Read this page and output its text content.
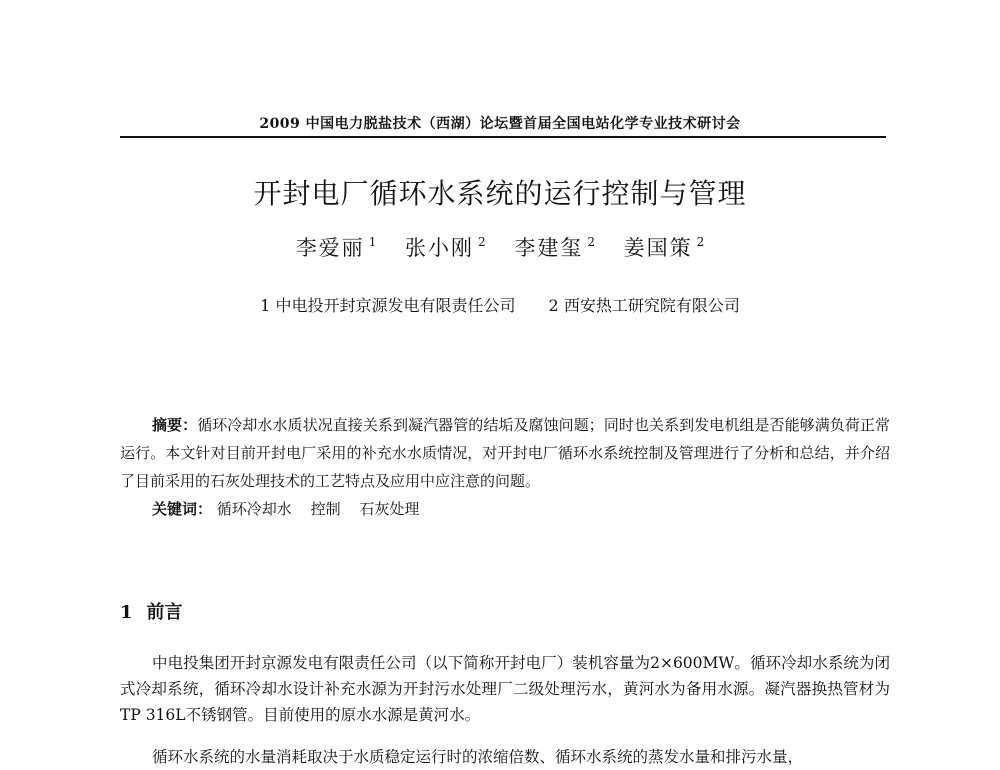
2009 中国电力脱盐技术（西湖）论坛暨首届全国电站化学专业技术研讨会
开封电厂循环水系统的运行控制与管理
李爱丽 $^1$ 张小刚 $^2$ 李建玺 $^2$ 姜国策 $^2$
1 中电投开封京源发电有限责任公司 2 西安热工研究院有限公司

摘要：循环冷却水水质状况直接关系到凝汽器管的结垢及腐蚀问题；同时也关系到发电机组是否能够满负荷正常运行。本文针对目前开封电厂采用的补充水水质情况，对开封电厂循环水系统控制及管理进行了分析和总结，并介绍了目前采用的石灰处理技术的工艺特点及应用中应注意的问题。

关键词： 循环冷却水 控制 石灰处理
1 前言

中电投集团开封京源发电有限责任公司（以下简称开封电厂）装机容量为2×600MW。循环冷却水系统为闭式冷却系统，循环冷却水设计补充水源为开封污水处理厂二级处理污水，黄河水为备用水源。凝汽器换热管材为TP 316L不锈钢管。目前使用的原水水源是黄河水。

循环水系统的水量消耗取决于水质稳定运行时的浓缩倍数、循环水系统的蒸发水量和排污水量，
